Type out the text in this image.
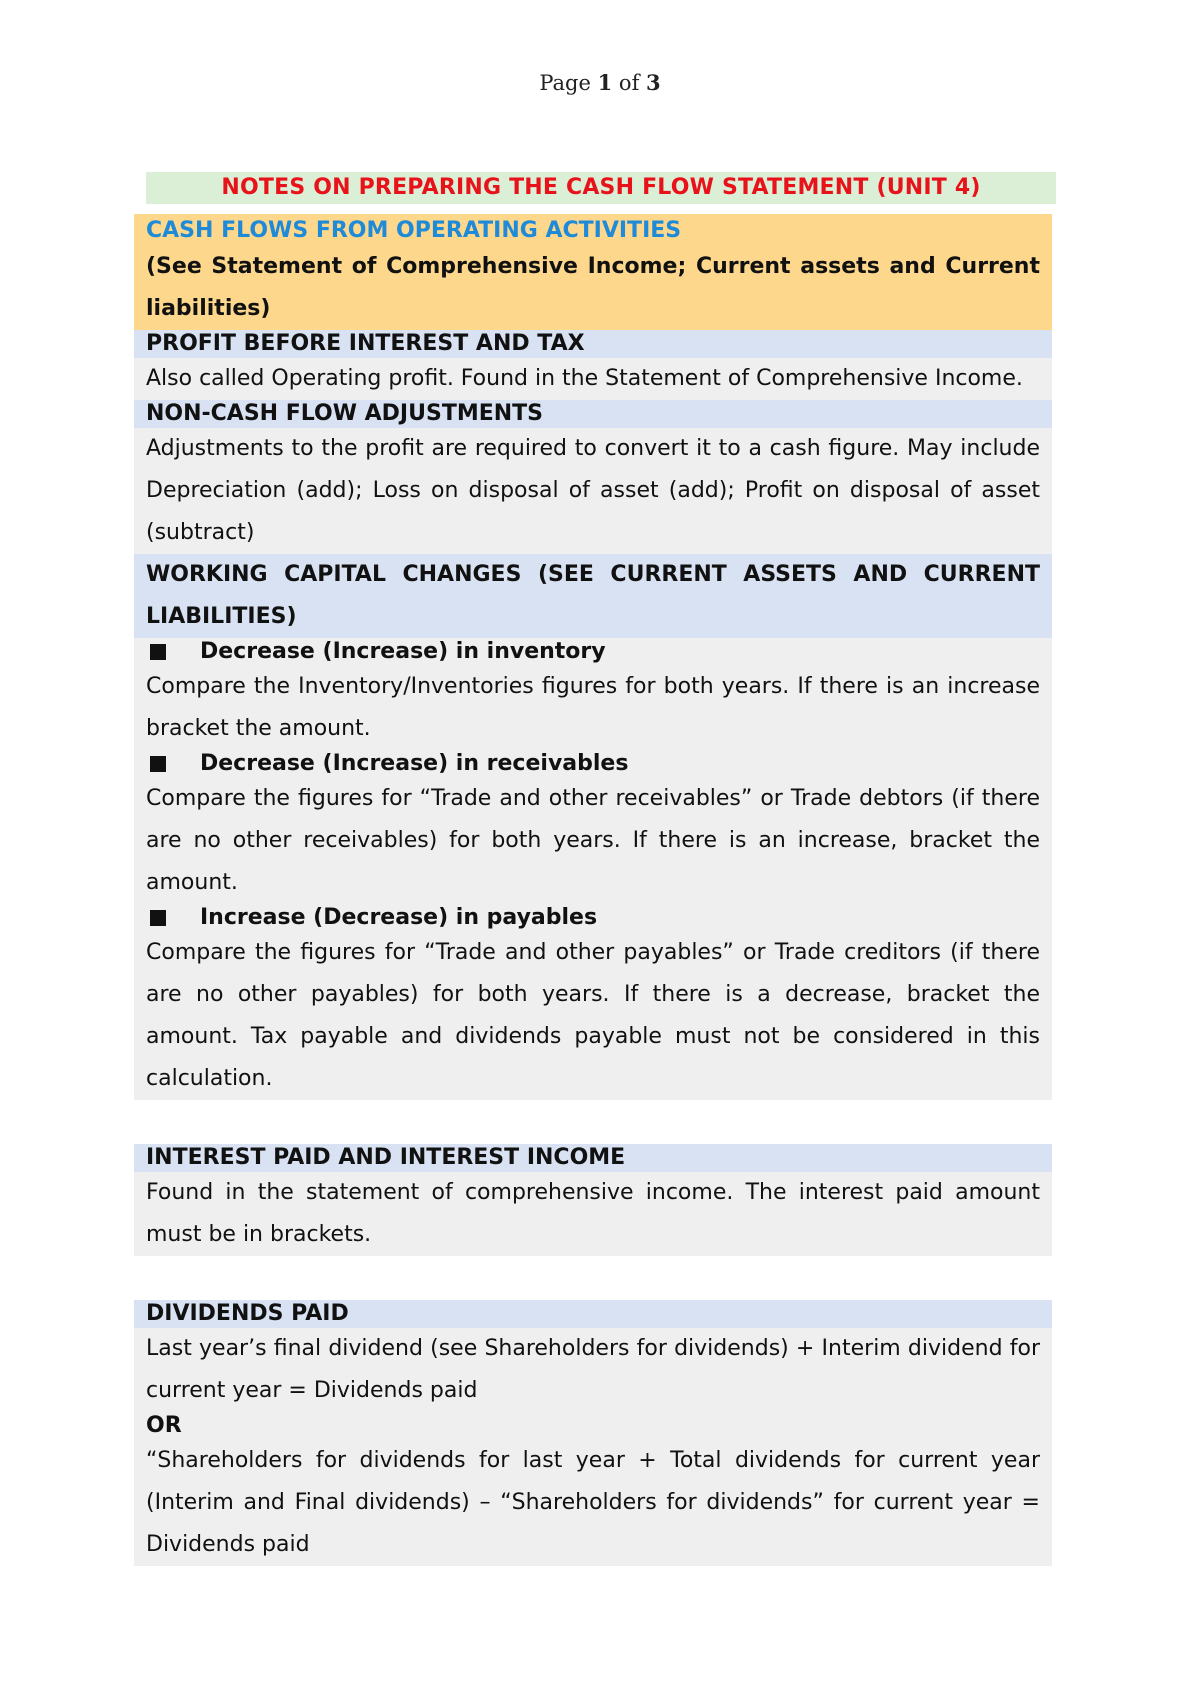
Page 1 of 3
NOTES ON PREPARING THE CASH FLOW STATEMENT (UNIT 4)
CASH FLOWS FROM OPERATING ACTIVITIES
(See Statement of Comprehensive Income; Current assets and Current liabilities)
PROFIT BEFORE INTEREST AND TAX

Also called Operating profit. Found in the Statement of Comprehensive Income.

NON-CASH FLOW ADJUSTMENTS

Adjustments to the profit are required to convert it to a cash figure. May include Depreciation (add); Loss on disposal of asset (add); Profit on disposal of asset (subtract)

WORKING CAPITAL CHANGES (SEE CURRENT ASSETS AND CURRENT LIABILITIES)
Decrease (Increase) in inventory

Compare the Inventory/Inventories figures for both years. If there is an increase bracket the amount.

Decrease (Increase) in receivables

Compare the figures for “Trade and other receivables” or Trade debtors (if there are no other receivables) for both years. If there is an increase, bracket the amount.

Increase (Decrease) in payables

Compare the figures for “Trade and other payables” or Trade creditors (if there are no other payables) for both years. If there is a decrease, bracket the amount. Tax payable and dividends payable must not be considered in this calculation.

INTEREST PAID AND INTEREST INCOME

Found in the statement of comprehensive income. The interest paid amount must be in brackets.

DIVIDENDS PAID

Last year’s final dividend (see Shareholders for dividends) + Interim dividend for current year = Dividends paid

OR

“Shareholders for dividends for last year + Total dividends for current year (Interim and Final dividends) – “Shareholders for dividends” for current year = Dividends paid
